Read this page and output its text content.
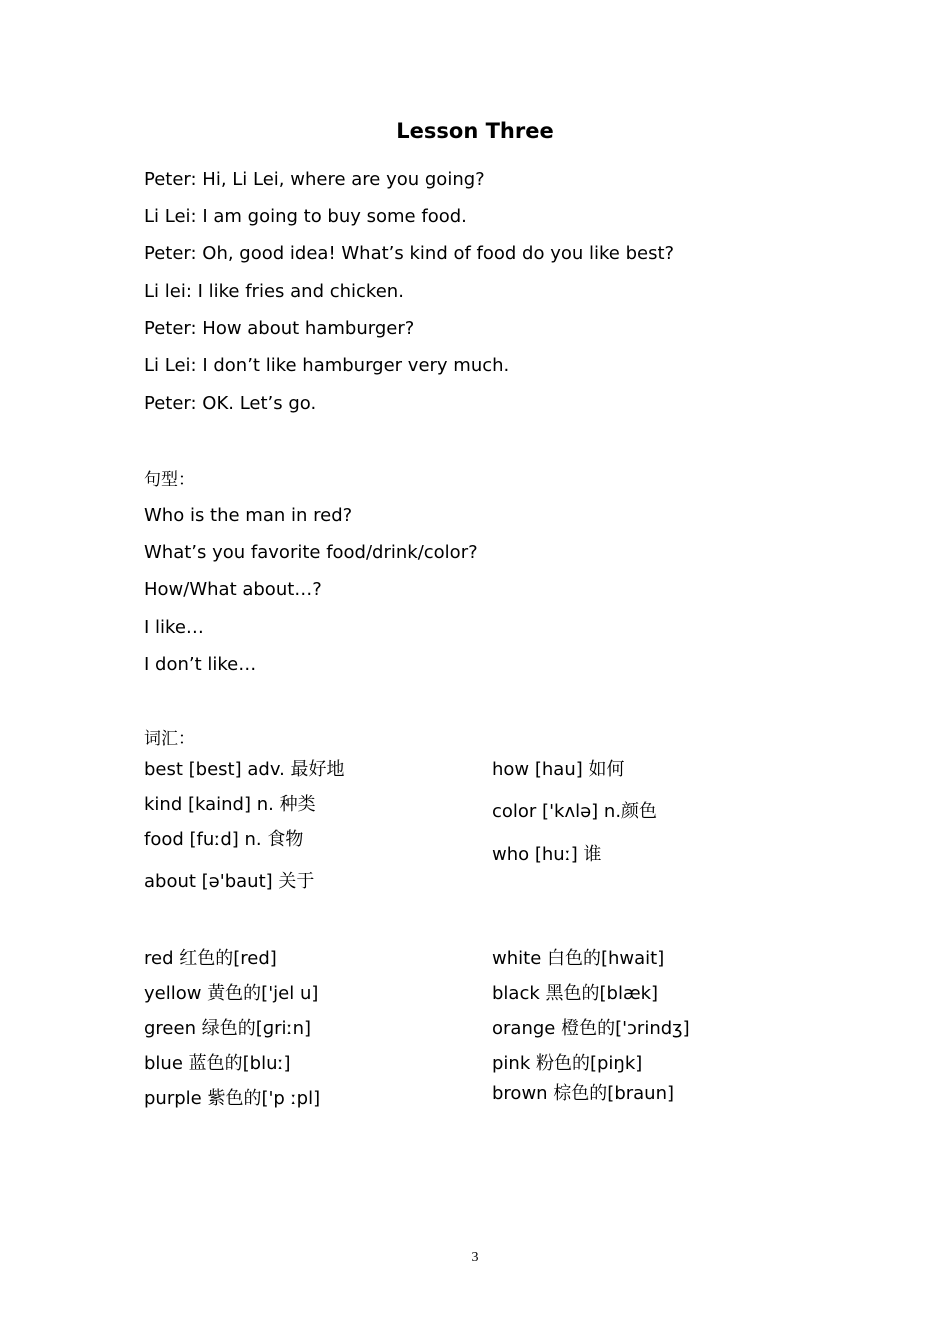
Lesson Three
Peter: Hi, Li Lei, where are you going?
Li Lei: I am going to buy some food.
Peter: Oh, good idea! What’s kind of food do you like best?
Li lei: I like fries and chicken.
Peter: How about hamburger?
Li Lei: I don’t like hamburger very much.
Peter: OK. Let’s go.
句型：
Who is the man in red?
What’s you favorite food/drink/color?
How/What about…?
I like…
I don’t like…
词汇：
best [best] adv. 最好地
kind [kaind] n. 种类
food [fuːd] n. 食物
about [ə'baut] 关于
how [hau] 如何
color ['kʌlə] n.颜色
who [huː] 谁
red 红色的[red]
yellow 黄色的['jel u]
green 绿色的[ɡriːn]
blue 蓝色的[bluː]
purple 紫色的['p ːpl]
white 白色的[hwait]
black 黑色的[blæk]
orange 橙色的['ɔrindʒ]
pink 粉色的[piŋk]
brown 棕色的[braun]
3
